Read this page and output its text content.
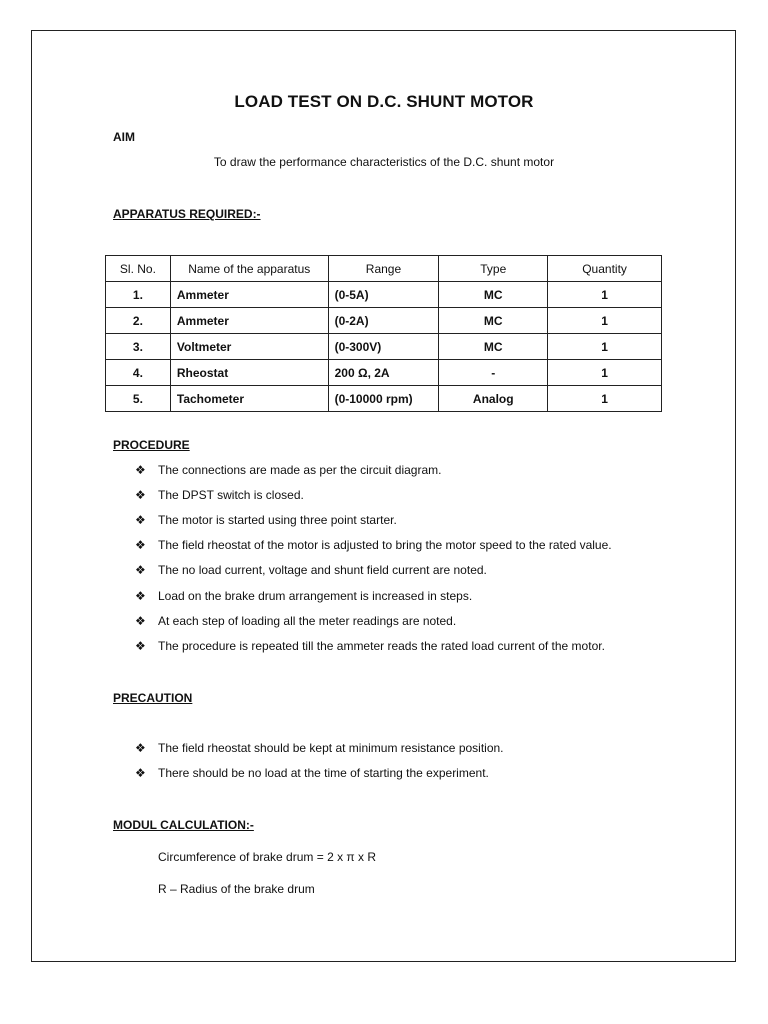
LOAD TEST ON D.C. SHUNT MOTOR
AIM
To draw the performance characteristics of the D.C. shunt motor
APPARATUS REQUIRED:-
Sl. No.	Name of the apparatus	Range	Type	Quantity
1.	Ammeter	(0-5A)	MC	1
2.	Ammeter	(0-2A)	MC	1
3.	Voltmeter	(0-300V)	MC	1
4.	Rheostat	200 Ω, 2A	-	1
5.	Tachometer	(0-10000 rpm)	Analog	1
PROCEDURE
❖	The connections are made as per the circuit diagram.
❖	The DPST switch is closed.
❖	The motor is started using three point starter.
❖	The field rheostat of the motor is adjusted to bring the motor speed to the rated value.
❖	The no load current, voltage and shunt field current are noted.
❖	Load on the brake drum arrangement is increased in steps.
❖	At each step of loading all the meter readings are noted.
❖	The procedure is repeated till the ammeter reads the rated load current of the motor.
PRECAUTION
❖	The field rheostat should be kept at minimum resistance position.
❖	There should be no load at the time of starting the experiment.
MODUL CALCULATION:-
Circumference of brake drum = 2 x π x R
R – Radius of the brake drum
